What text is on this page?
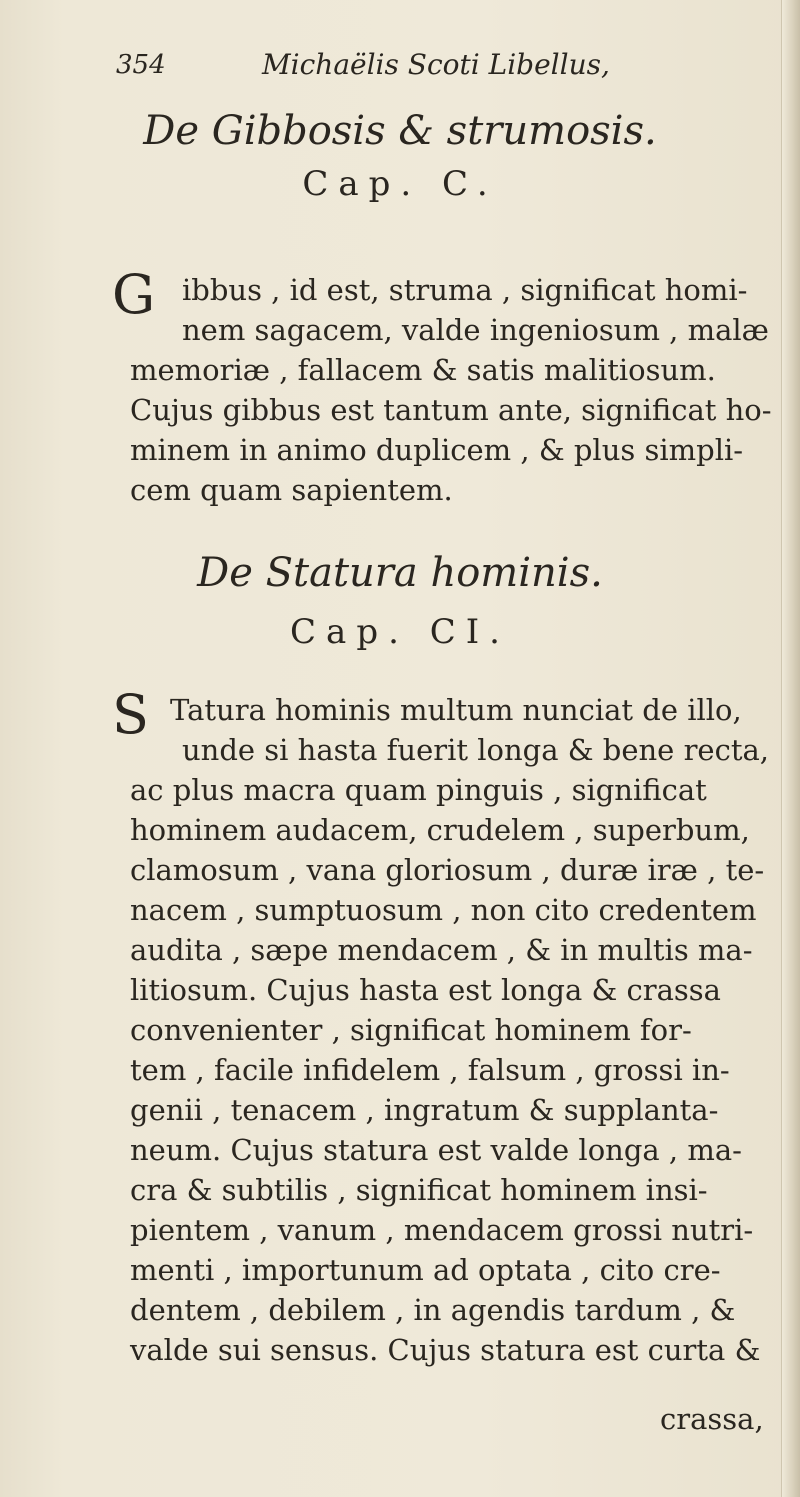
354	Michaëlis Scoti Libellus,
De Gibbosis & strumosis.
Cap. C.
G ibbus , id est, struma , significat homi-
nem sagacem, valde ingeniosum , malæ
memoriæ , fallacem & satis malitiosum.
Cujus gibbus est tantum ante, significat ho-
minem in animo duplicem , & plus simpli-
cem quam sapientem.
De Statura hominis.
Cap. CI.
S Tatura hominis multum nunciat de illo,
unde si hasta fuerit longa & bene recta,
ac plus macra quam pinguis , significat
hominem audacem, crudelem , superbum,
clamosum , vana gloriosum , duræ iræ , te-
nacem , sumptuosum , non cito credentem
audita , sæpe mendacem , & in multis ma-
litiosum. Cujus hasta est longa & crassa
convenienter , significat hominem for-
tem , facile infidelem , falsum , grossi in-
genii , tenacem , ingratum & supplanta-
neum. Cujus statura est valde longa , ma-
cra & subtilis , significat hominem insi-
pientem , vanum , mendacem grossi nutri-
menti , importunum ad optata , cito cre-
dentem , debilem , in agendis tardum , &
valde sui sensus. Cujus statura est curta &
crassa,
